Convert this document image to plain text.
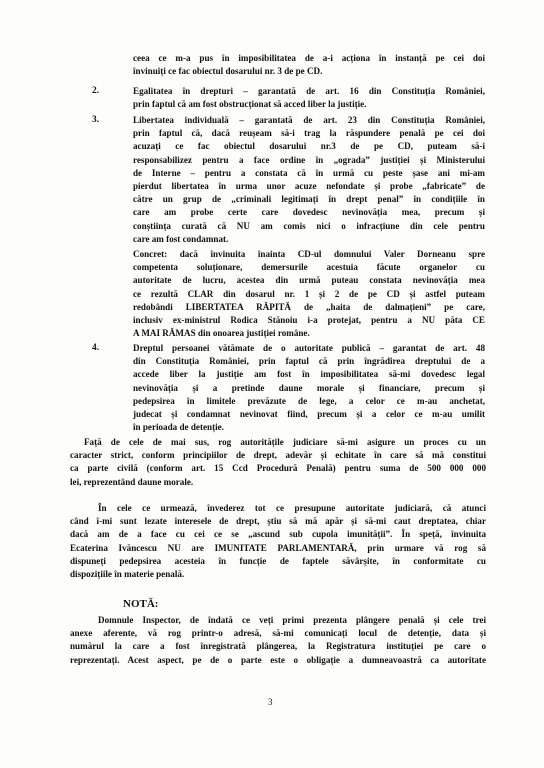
ceea ce m-a pus în imposibilitatea de a-i acționa în instanță pe cei doi
învinuiți ce fac obiectul dosarului nr. 3 de pe CD.
2.	Egalitatea în drepturi – garantată de art. 16 din Constituția României,
prin faptul că am fost obstrucționat să acced liber la justiție.
3.	Libertatea individuală – garantată de art. 23 din Constituția României,
prin faptul că, dacă reușeam să-i trag la răspundere penală pe cei doi
acuzați ce fac obiectul dosarului nr.3 de pe CD, puteam să-i
responsabilizez pentru a face ordine în „ograda” justiției și Ministerului
de Interne – pentru a constata că în urmă cu peste șase ani mi-am
pierdut libertatea în urma unor acuze nefondate și probe „fabricate” de
către un grup de „criminali legitimați în drept penal” în condițiile în
care am probe certe care dovedesc nevinovăția mea, precum și
conștiința curată că NU am comis nici o infracțiune din cele pentru
care am fost condamnat.
Concret: dacă învinuita înainta CD-ul domnului Valer Dorneanu spre
competenta soluționare, demersurile acestuia făcute organelor cu
autoritate de lucru, acestea din urmă puteau constata nevinovăția mea
ce rezultă CLAR din dosarul nr. 1 și 2 de pe CD și astfel puteam
redobândi LIBERTATEA RĂPITĂ de „haita de dalmațieni” pe care,
inclusiv ex-ministrul Rodica Stănoiu i-a protejat, pentru a NU păta CE
A MAI RĂMAS din onoarea justiției române.
4.	Dreptul persoanei vătămate de o autoritate publică – garantat de art. 48
din Constituția României, prin faptul că prin îngrădirea dreptului de a
accede liber la justiție am fost în imposibilitatea să-mi dovedesc legal
nevinovăția și a pretinde daune morale și financiare, precum și
pedepsirea în limitele prevăzute de lege, a celor ce m-au anchetat,
judecat și condamnat nevinovat fiind, precum și a celor ce m-au umilit
în perioada de detenție.
Față de cele de mai sus, rog autoritățile judiciare să-mi asigure un proces cu un
caracter strict, conform principiilor de drept, adevăr și echitate în care să mă constitui
ca parte civilă (conform art. 15 Ccd Procedură Penală) pentru suma de 500 000 000
lei, reprezentând daune morale.
În cele ce urmează, învederez tot ce presupune autoritate judiciară, că atunci
când î-mi sunt lezate interesele de drept, știu să mă apăr și să-mi caut dreptatea, chiar
dacă am de a face cu cei ce se „ascund sub cupola imunității”. În speță, învinuita
Ecaterina Ivăncescu NU are IMUNITATE PARLAMENTARĂ, prin urmare vă rog să
dispuneți pedepsirea acesteia în funcție de faptele săvârșite, în conformitate cu
dispozițiile în materie penală.
NOTĂ:
Domnule Inspector, de îndată ce veți primi prezenta plângere penală și cele trei
anexe aferente, vă rog printr-o adresă, să-mi comunicați locul de detenție, data și
numărul la care a fost înregistrată plângerea, la Registratura instituției pe care o
reprezentați. Acest aspect, pe de o parte este o obligație a dumneavoastră ca autoritate
3
